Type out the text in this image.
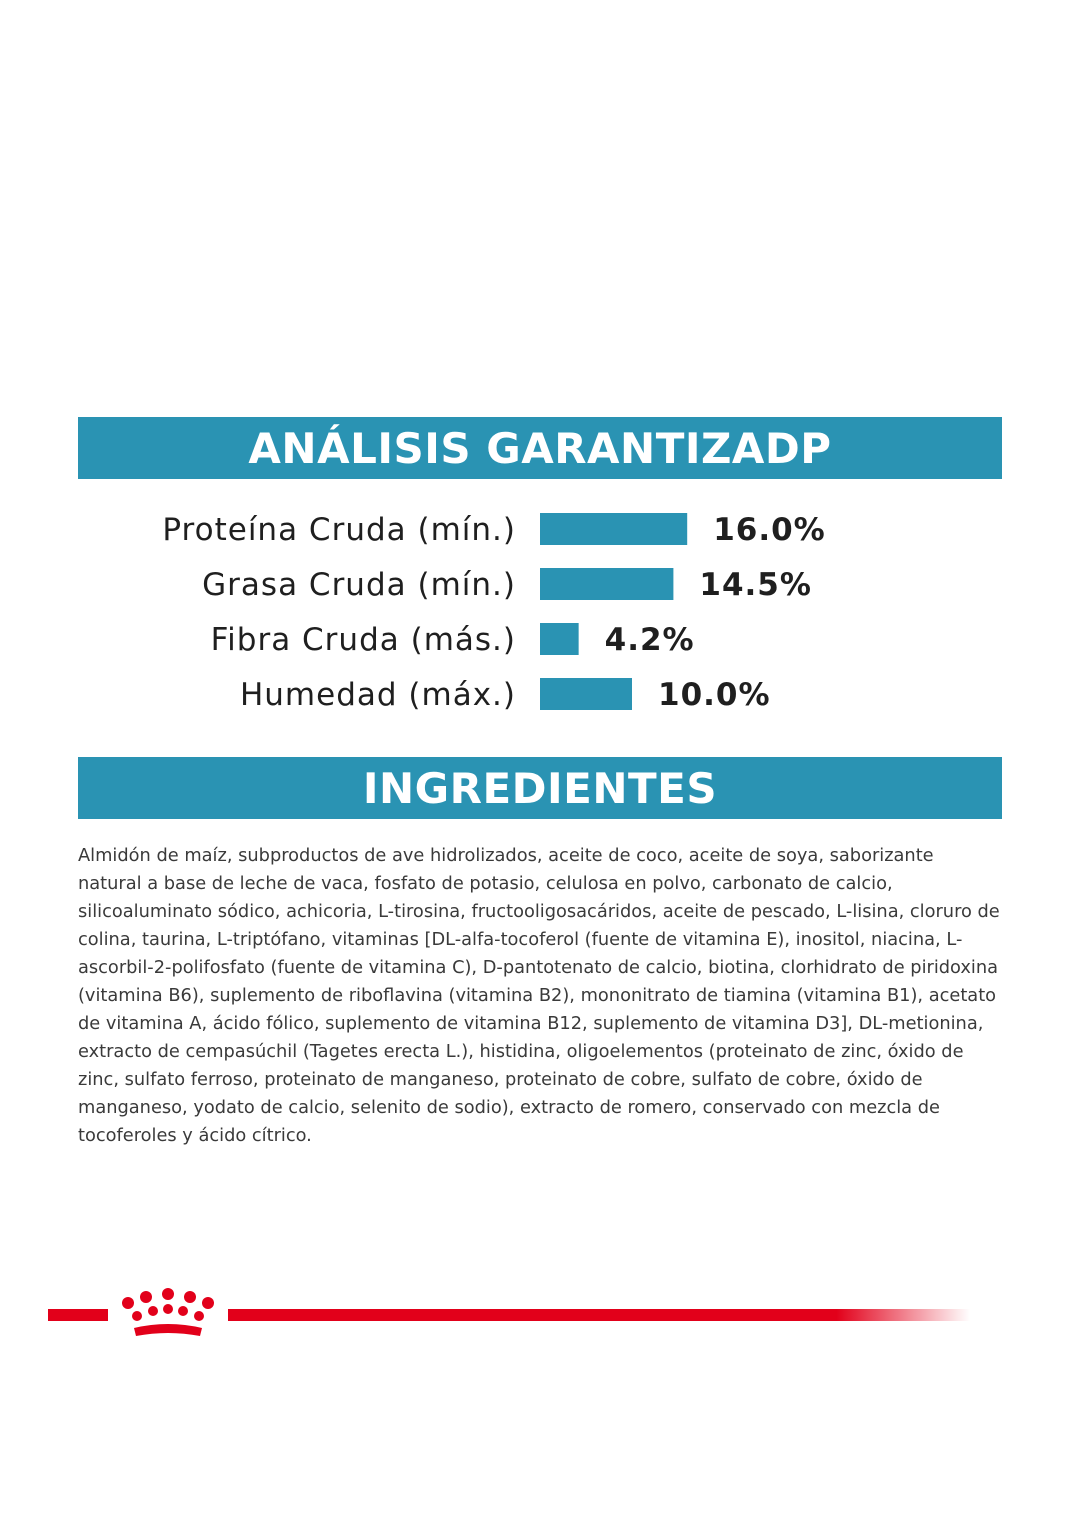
ANÁLISIS GARANTIZADP
Proteína Cruda (mín.)	16.0%
Grasa Cruda (mín.)	14.5%
Fibra Cruda (más.)	4.2%
Humedad (máx.)	10.0%
INGREDIENTES

Almidón de maíz, subproductos de ave hidrolizados, aceite de coco, aceite de soya, saborizante natural a base de leche de vaca, fosfato de potasio, celulosa en polvo, carbonato de calcio, silicoaluminato sódico, achicoria, L-tirosina, fructooligosacáridos, aceite de pescado, L-lisina, cloruro de colina, taurina, L-triptófano, vitaminas [DL-alfa-tocoferol (fuente de vitamina E), inositol, niacina, L-ascorbil-2-polifosfato (fuente de vitamina C), D-pantotenato de calcio, biotina, clorhidrato de piridoxina (vitamina B6), suplemento de riboflavina (vitamina B2), mononitrato de tiamina (vitamina B1), acetato de vitamina A, ácido fólico, suplemento de vitamina B12, suplemento de vitamina D3], DL-metionina, extracto de cempasúchil (Tagetes erecta L.), histidina, oligoelementos (proteinato de zinc, óxido de zinc, sulfato ferroso, proteinato de manganeso, proteinato de cobre, sulfato de cobre, óxido de manganeso, yodato de calcio, selenito de sodio), extracto de romero, conservado con mezcla de tocoferoles y ácido cítrico.
